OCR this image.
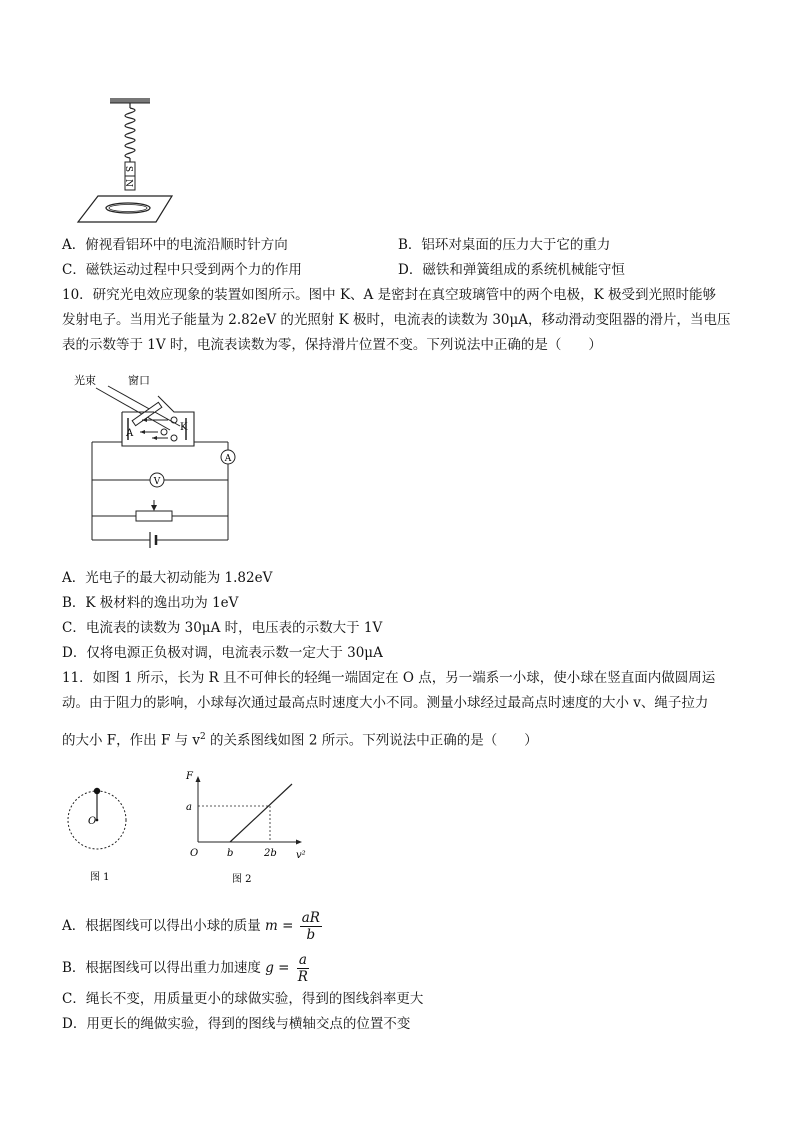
S
N
A．俯视看铝环中的电流沿顺时针方向	B．铝环对桌面的压力大于它的重力
C．磁铁运动过程中只受到两个力的作用	D．磁铁和弹簧组成的系统机械能守恒
10．研究光电效应现象的装置如图所示。图中 K、A 是密封在真空玻璃管中的两个电极，K 极受到光照时能够
发射电子。当用光子能量为 2.82eV 的光照射 K 极时，电流表的读数为 30μA，移动滑动变阻器的滑片，当电压
表的示数等于 1V 时，电流表读数为零，保持滑片位置不变。下列说法中正确的是（　　）
光束	窗口
A
K
A
V
A．光电子的最大初动能为 1.82eV
B．K 极材料的逸出功为 1eV
C．电流表的读数为 30μA 时，电压表的示数大于 1V
D．仅将电源正负极对调，电流表示数一定大于 30μA
11．如图 1 所示，长为 R 且不可伸长的轻绳一端固定在 O 点，另一端系一小球，使小球在竖直面内做圆周运
动。由于阻力的影响，小球每次通过最高点时速度大小不同。测量小球经过最高点时速度的大小 v、绳子拉力
的大小 F，作出 F 与 $v^2$ 的关系图线如图 2 所示。下列说法中正确的是（　　）
O
图 1
F
v²
O
a
b	2b
图 2
A．根据图线可以得出小球的质量 $m = \frac{aR}{b}$
B．根据图线可以得出重力加速度 $g = \frac{a}{R}$
C．绳长不变，用质量更小的球做实验，得到的图线斜率更大
D．用更长的绳做实验，得到的图线与横轴交点的位置不变
